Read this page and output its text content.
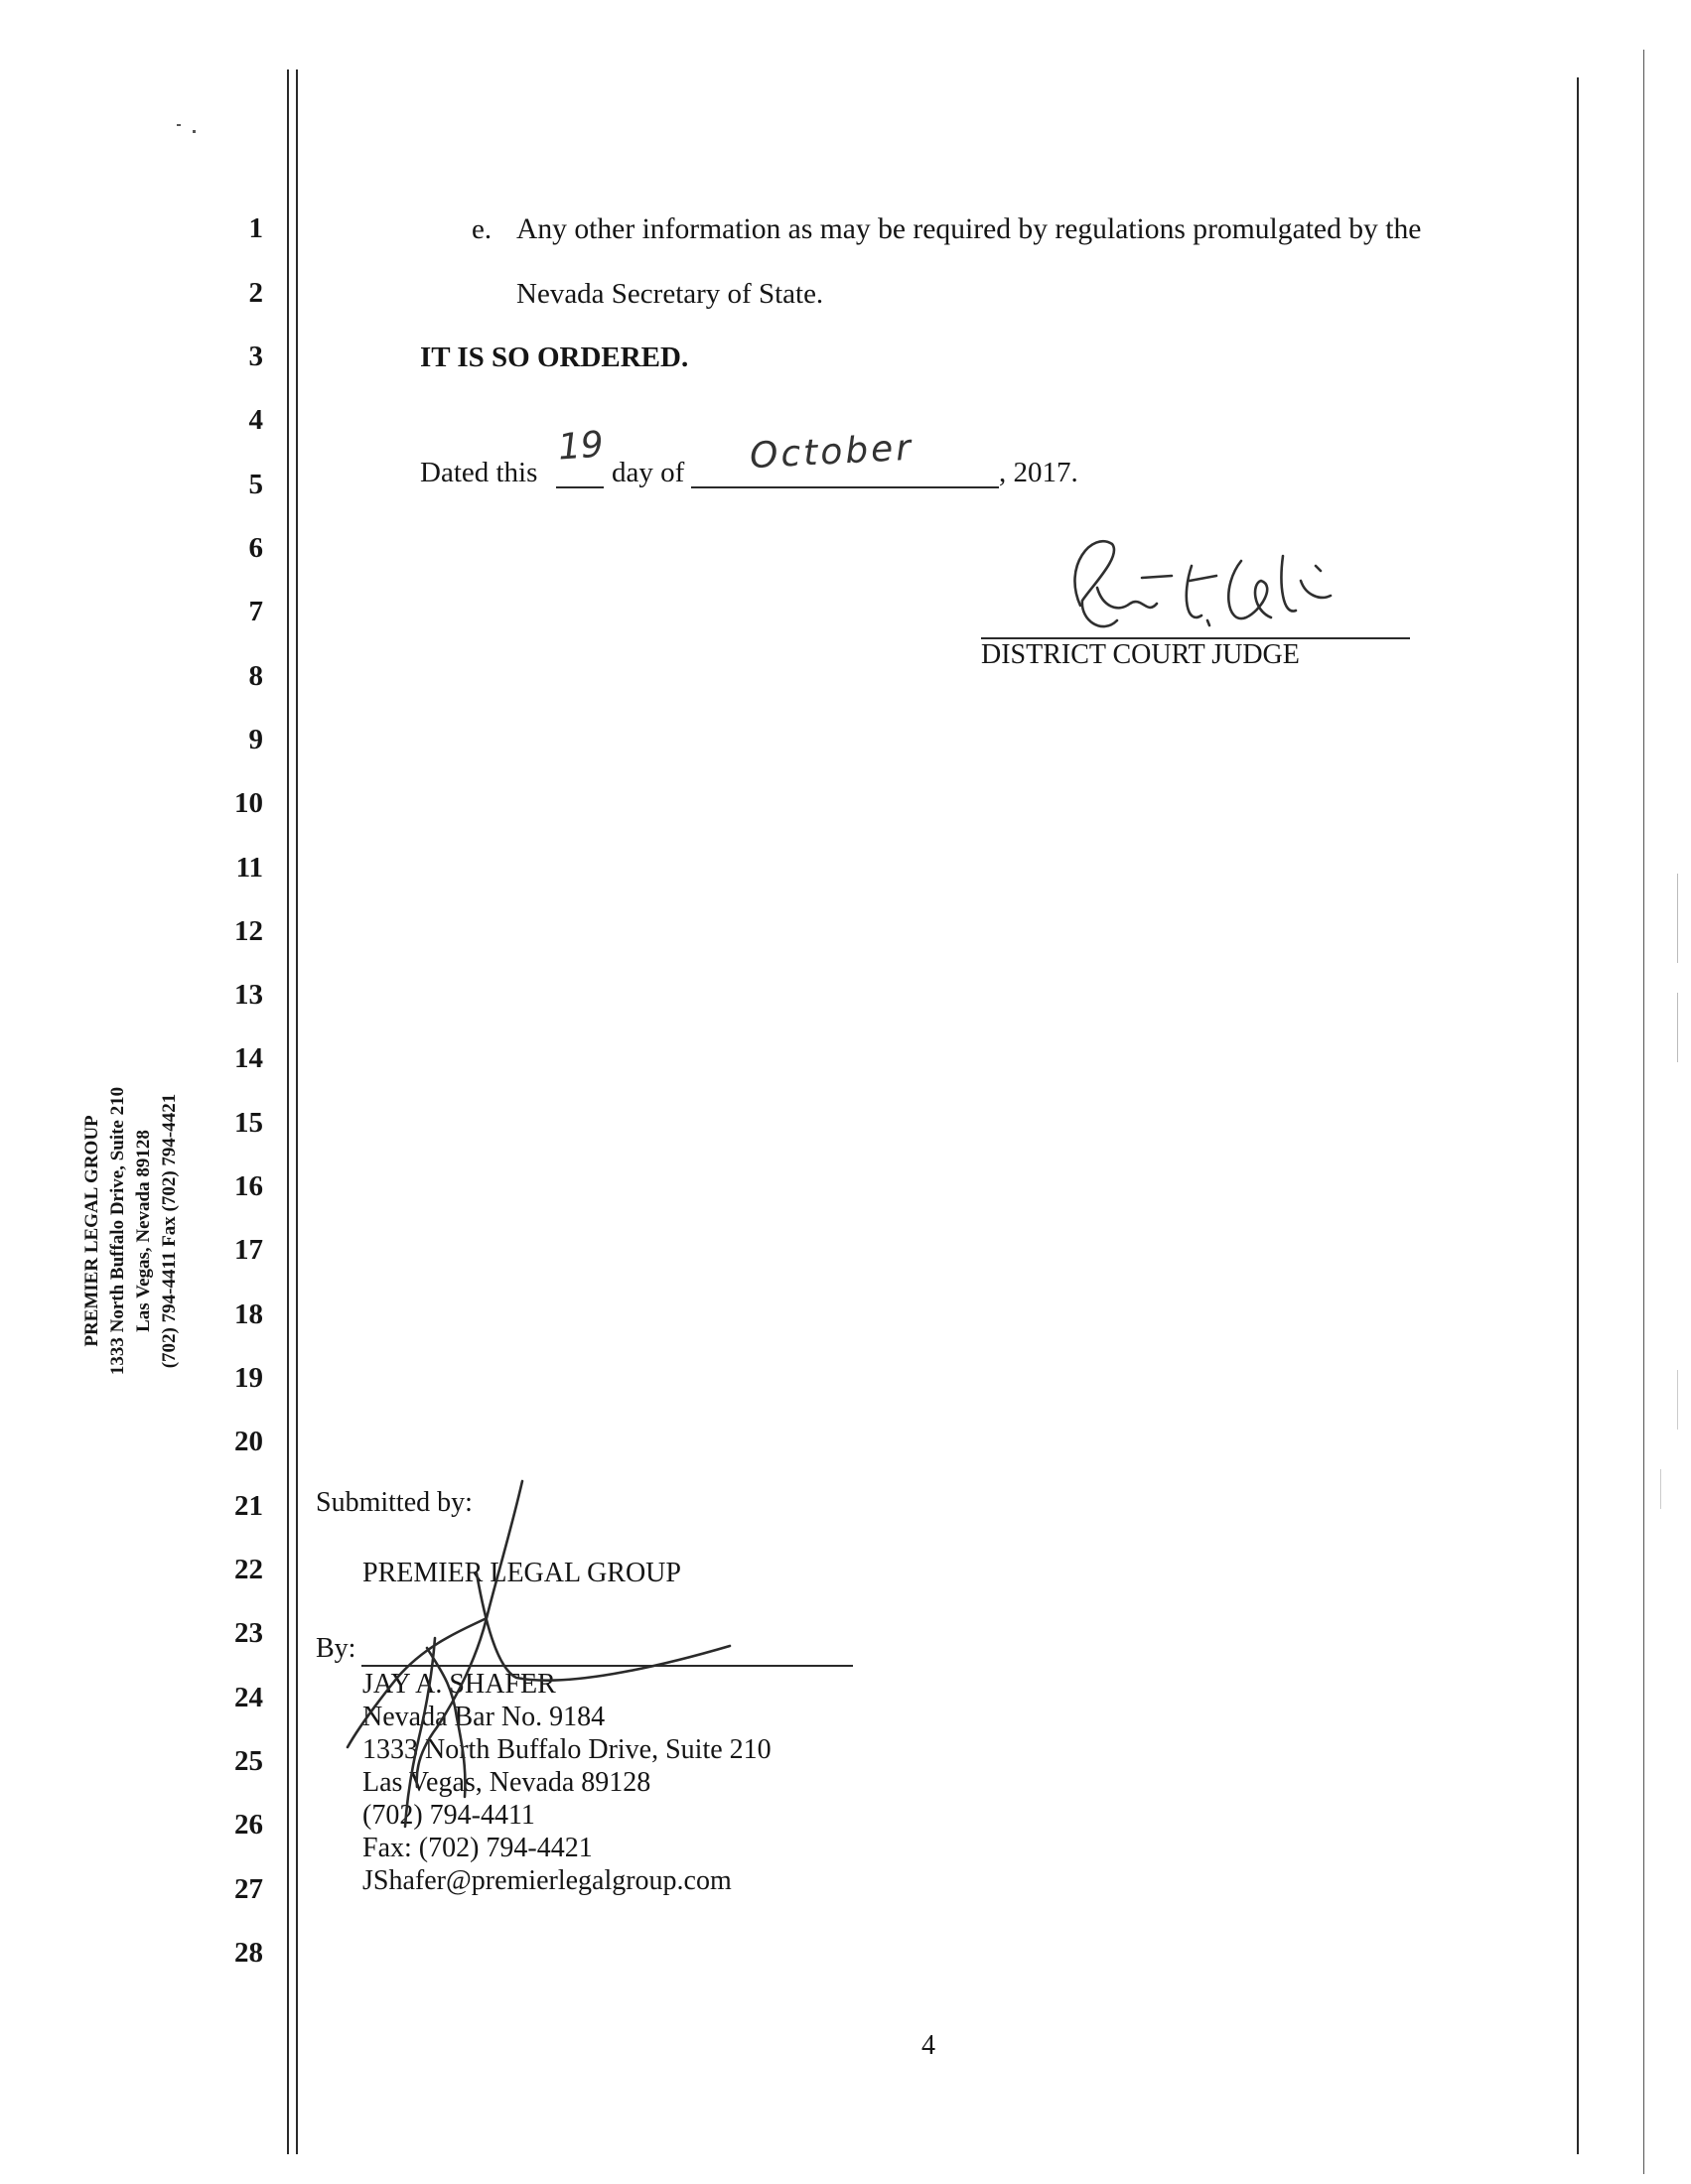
1
2
3
4
5
6
7
8
9
10
11
12
13
14
15
16
17
18
19
20
21
22
23
24
25
26
27
28
PREMIER LEGAL GROUP 1333 North Buffalo Drive, Suite 210 Las Vegas, Nevada 89128 (702) 794-4411 Fax (702) 794-4421
e. Any other information as may be required by regulations promulgated by the
Nevada Secretary of State.
IT IS SO ORDERED.
Dated this	day of	, 2017.
19	October
DISTRICT COURT JUDGE
Submitted by:
PREMIER LEGAL GROUP
By:
JAY A. SHAFER
Nevada Bar No. 9184
1333 North Buffalo Drive, Suite 210
Las Vegas, Nevada 89128
(702) 794-4411
Fax: (702) 794-4421
JShafer@premierlegalgroup.com
4
